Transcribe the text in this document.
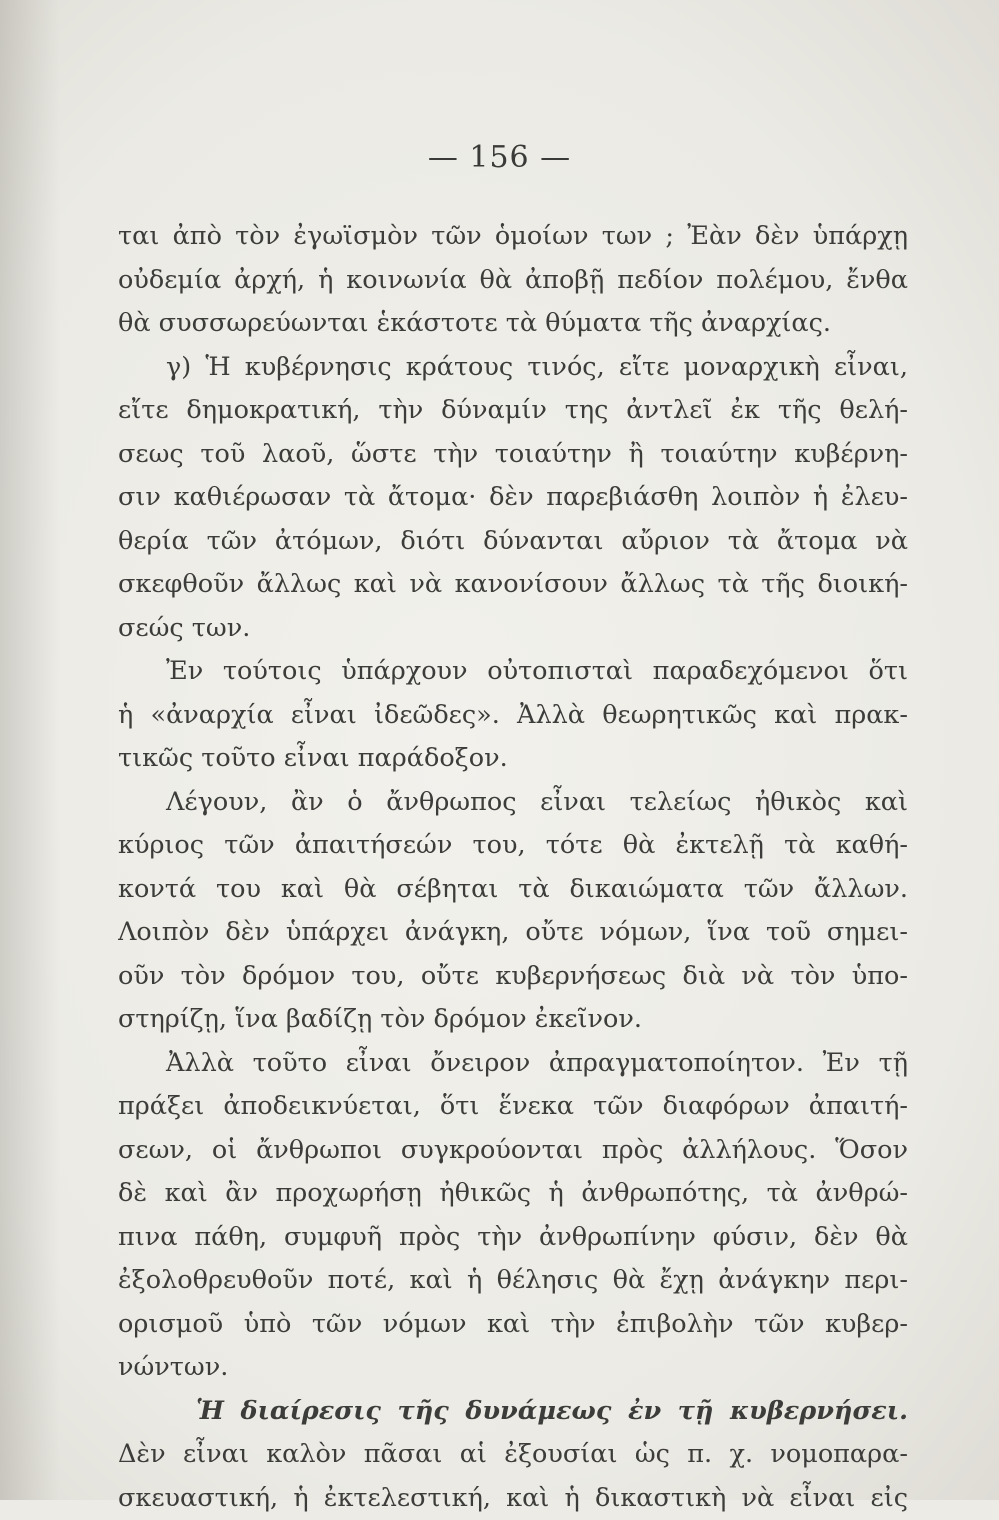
— 156 —
ται ἀπὸ τὸν ἐγωϊσμὸν τῶν ὁμοίων των ; Ἐὰν δὲν ὑπάρχῃ
οὐδεμία ἀρχή, ἡ κοινωνία θὰ ἀποβῇ πεδίον πολέμου, ἔνθα
θὰ συσσωρεύωνται ἑκάστοτε τὰ θύματα τῆς ἀναρχίας.
γ) Ἡ κυβέρνησις κράτους τινός, εἴτε μοναρχικὴ εἶναι,
εἴτε δημοκρατική, τὴν δύναμίν της ἀντλεῖ ἐκ τῆς θελή-
σεως τοῦ λαοῦ, ὥστε τὴν τοιαύτην ἢ τοιαύτην κυβέρνη-
σιν καθιέρωσαν τὰ ἄτομα· δὲν παρεβιάσθη λοιπὸν ἡ ἐλευ-
θερία τῶν ἀτόμων, διότι δύνανται αὔριον τὰ ἄτομα νὰ
σκεφθοῦν ἄλλως καὶ νὰ κανονίσουν ἄλλως τὰ τῆς διοική-
σεώς των.
Ἐν τούτοις ὑπάρχουν οὐτοπισταὶ παραδεχόμενοι ὅτι
ἡ «ἀναρχία εἶναι ἰδεῶδες». Ἀλλὰ θεωρητικῶς καὶ πρακ-
τικῶς τοῦτο εἶναι παράδοξον.
Λέγουν, ἂν ὁ ἄνθρωπος εἶναι τελείως ἠθικὸς καὶ
κύριος τῶν ἀπαιτήσεών του, τότε θὰ ἐκτελῇ τὰ καθή-
κοντά του καὶ θὰ σέβηται τὰ δικαιώματα τῶν ἄλλων.
Λοιπὸν δὲν ὑπάρχει ἀνάγκη, οὔτε νόμων, ἵνα τοῦ σημει-
οῦν τὸν δρόμον του, οὔτε κυβερνήσεως διὰ νὰ τὸν ὑπο-
στηρίζῃ, ἵνα βαδίζῃ τὸν δρόμον ἐκεῖνον.
Ἀλλὰ τοῦτο εἶναι ὄνειρον ἀπραγματοποίητον. Ἐν τῇ
πράξει ἀποδεικνύεται, ὅτι ἕνεκα τῶν διαφόρων ἀπαιτή-
σεων, οἱ ἄνθρωποι συγκρούονται πρὸς ἀλλήλους. Ὅσον
δὲ καὶ ἂν προχωρήσῃ ἠθικῶς ἡ ἀνθρωπότης, τὰ ἀνθρώ-
πινα πάθη, συμφυῆ πρὸς τὴν ἀνθρωπίνην φύσιν, δὲν θὰ
ἐξολοθρευθοῦν ποτέ, καὶ ἡ θέλησις θὰ ἔχῃ ἀνάγκην περι-
ορισμοῦ ὑπὸ τῶν νόμων καὶ τὴν ἐπιβολὴν τῶν κυβερ-
νώντων.
Ἡ διαίρεσις τῆς δυνάμεως ἐν τῇ κυβερνήσει.
Δὲν εἶναι καλὸν πᾶσαι αἱ ἐξουσίαι ὡς π. χ. νομοπαρα-
σκευαστική, ἡ ἐκτελεστική, καὶ ἡ δικαστικὴ νὰ εἶναι εἰς
